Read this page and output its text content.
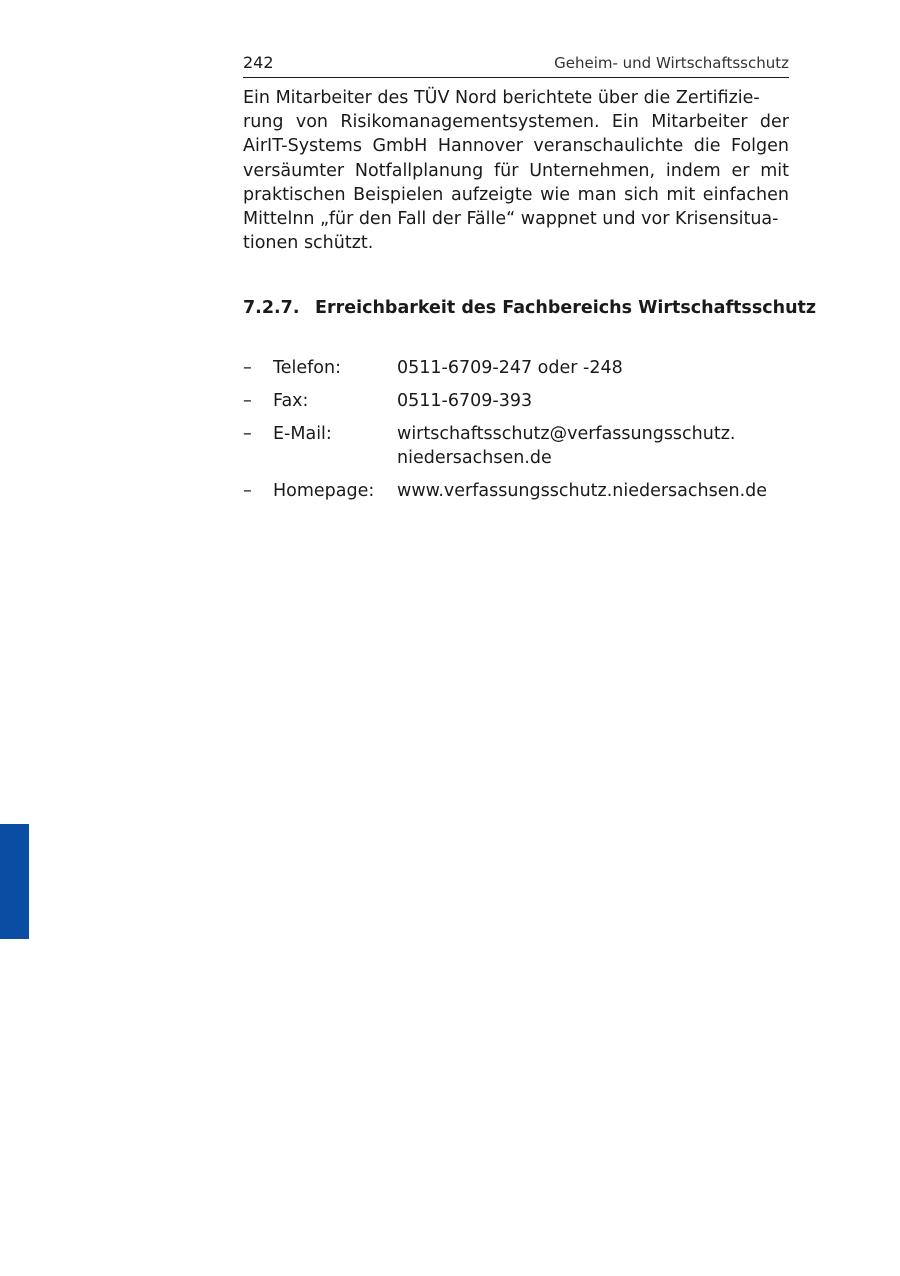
242	Geheim- und Wirtschaftsschutz

Ein Mitarbeiter des TÜV Nord berichtete über die Zertifizie-
rung von Risikomanagementsystemen. Ein Mitarbeiter der AirIT-Systems GmbH Hannover veranschaulichte die Folgen versäumter Notfallplanung für Unternehmen, indem er mit praktischen Beispielen aufzeigte wie man sich mit einfachen Mittelnn „für den Fall der Fälle“ wappnet und vor Krisensitua-
tionen schützt.

7.2.7. Erreichbarkeit des Fachbereichs Wirtschaftsschutz
– Telefon:	0511-6709-247 oder -248
– Fax:	0511-6709-393
– E-Mail:	wirtschaftsschutz@verfassungsschutz.
niedersachsen.de
– Homepage: www.verfassungsschutz.niedersachsen.de
